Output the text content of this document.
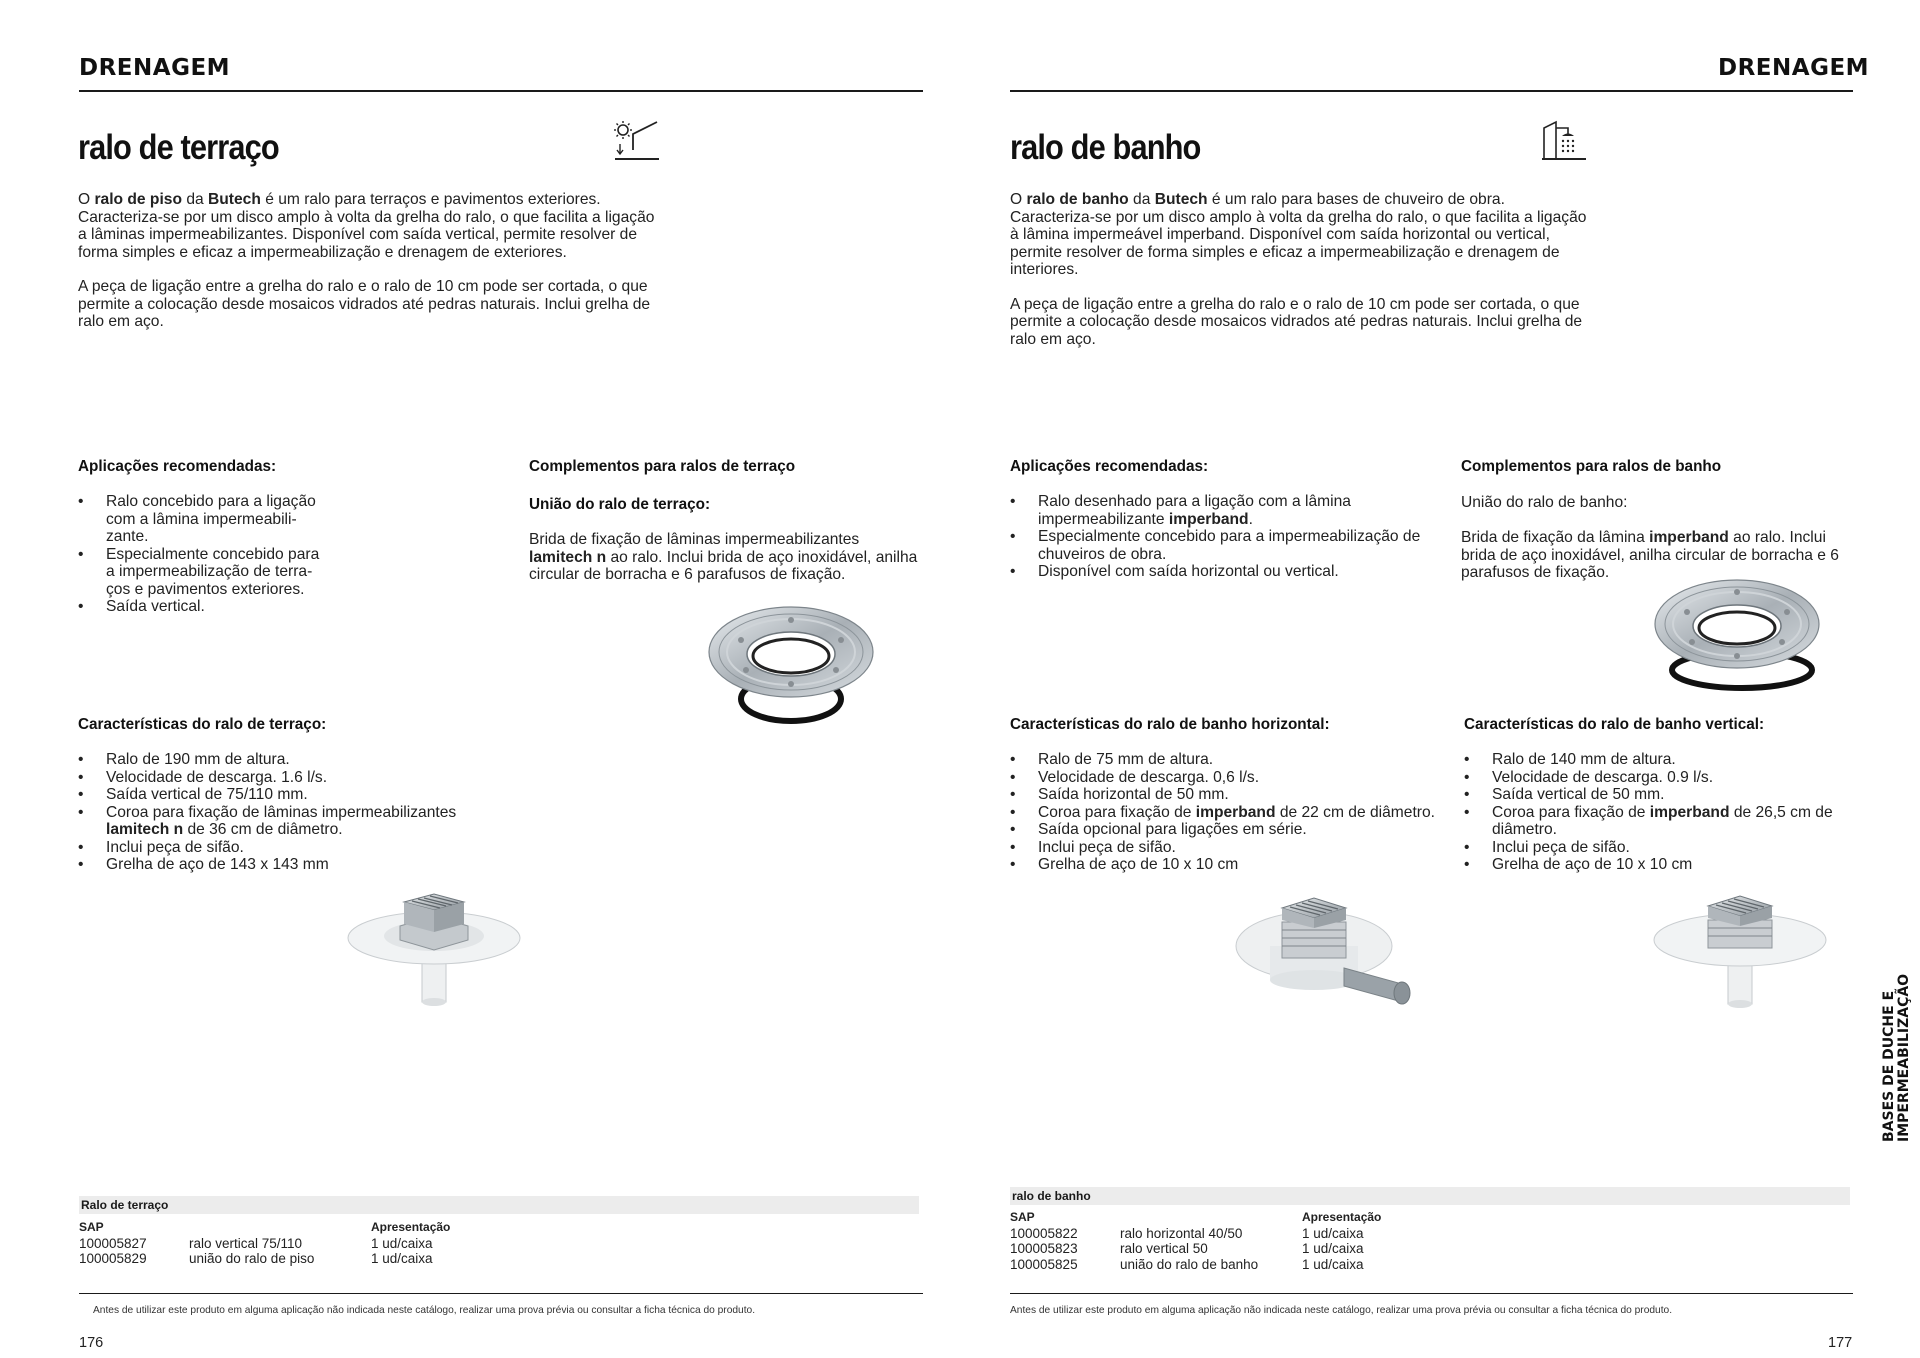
DRENAGEM
ralo de terraço

O ralo de piso da Butech é um ralo para terraços e pavimentos exteriores. Caracteriza-se por um disco amplo à volta da grelha do ralo, o que facilita a ligação a lâminas impermeabilizantes. Disponível com saída vertical, permite resolver de forma simples e eficaz a impermeabilização e drenagem de exteriores.

A peça de ligação entre a grelha do ralo e o ralo de 10 cm pode ser cortada, o que permite a colocação desde mosaicos vidrados até pedras naturais. Inclui grelha de ralo em aço.

Aplicações recomendadas:
• Ralo concebido para a ligação com a lâmina impermeabili-zante.
• Especialmente concebido para a impermeabilização de terra-ços e pavimentos exteriores.
• Saída vertical.
Complementos para ralos de terraço
União do ralo de terraço:
Brida de fixação de lâminas impermeabilizantes lamitech n ao ralo. Inclui brida de aço inoxidável, anilha circular de borracha e 6 parafusos de fixação.
Características do ralo de terraço:
• Ralo de 190 mm de altura.
• Velocidade de descarga. 1.6 l/s.
• Saída vertical de 75/110 mm.
• Coroa para fixação de lâminas impermeabilizantes lamitech n de 36 cm de diâmetro.
• Inclui peça de sifão.
• Grelha de aço de 143 x 143 mm
Ralo de terraço
SAP	Apresentação
100005827	ralo vertical 75/110	1 ud/caixa
100005829	união do ralo de piso	1 ud/caixa
Antes de utilizar este produto em alguma aplicação não indicada neste catálogo, realizar uma prova prévia ou consultar a ficha técnica do produto.
176
DRENAGEM
ralo de banho

O ralo de banho da Butech é um ralo para bases de chuveiro de obra. Caracteriza-se por um disco amplo à volta da grelha do ralo, o que facilita a ligação à lâmina impermeável imperband. Disponível com saída horizontal ou vertical, permite resolver de forma simples e eficaz a impermeabilização e drenagem de interiores.

A peça de ligação entre a grelha do ralo e o ralo de 10 cm pode ser cortada, o que permite a colocação desde mosaicos vidrados até pedras naturais. Inclui grelha de ralo em aço.

Aplicações recomendadas:
• Ralo desenhado para a ligação com a lâmina impermeabilizante imperband.
• Especialmente concebido para a impermeabilização de chuveiros de obra.
• Disponível com saída horizontal ou vertical.
Complementos para ralos de banho
União do ralo de banho:
Brida de fixação da lâmina imperband ao ralo. Inclui brida de aço inoxidável, anilha circular de borracha e 6 parafusos de fixação.
Características do ralo de banho horizontal:
• Ralo de 75 mm de altura.
• Velocidade de descarga. 0,6 l/s.
• Saída horizontal de 50 mm.
• Coroa para fixação de imperband de 22 cm de diâmetro.
• Saída opcional para ligações em série.
• Inclui peça de sifão.
• Grelha de aço de 10 x 10 cm
Características do ralo de banho vertical:
• Ralo de 140 mm de altura.
• Velocidade de descarga. 0.9 l/s.
• Saída vertical de 50 mm.
• Coroa para fixação de imperband de 26,5 cm de diâmetro.
• Inclui peça de sifão.
• Grelha de aço de 10 x 10 cm
ralo de banho
SAP	Apresentação
100005822	ralo horizontal 40/50	1 ud/caixa
100005823	ralo vertical 50	1 ud/caixa
100005825	união do ralo de banho	1 ud/caixa
Antes de utilizar este produto em alguma aplicação não indicada neste catálogo, realizar uma prova prévia ou consultar a ficha técnica do produto.
177
BASES DE DUCHE E IMPERMEABILIZAÇÃO
